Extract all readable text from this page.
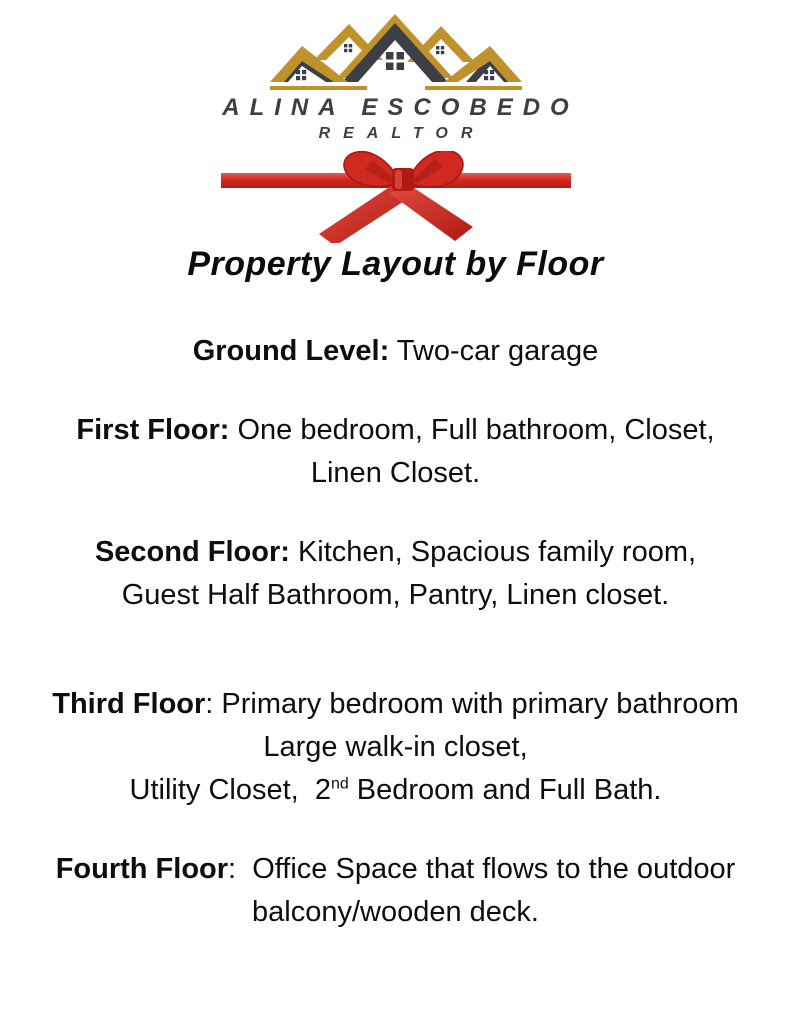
ALINA ESCOBEDO
REALTOR
Property Layout by Floor
Ground Level: Two-car garage
First Floor: One bedroom, Full bathroom, Closet,
Linen Closet.
Second Floor: Kitchen, Spacious family room,
Guest Half Bathroom, Pantry, Linen closet.
Third Floor: Primary bedroom with primary bathroom
Large walk-in closet,
Utility Closet,  2nd Bedroom and Full Bath.
Fourth Floor:  Office Space that flows to the outdoor
balcony/wooden deck.
